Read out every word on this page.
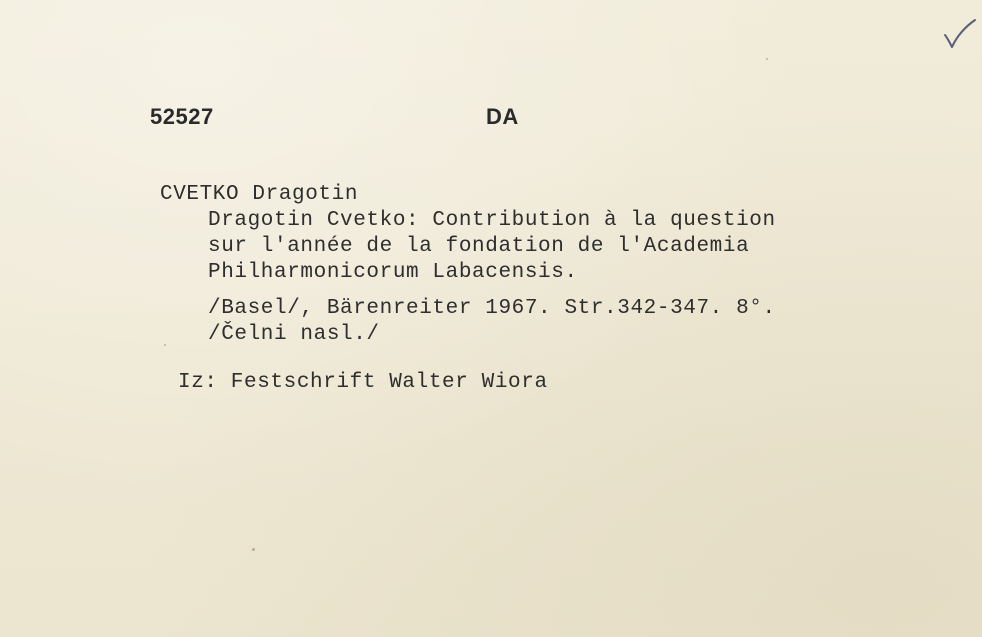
52527	DA
CVETKO Dragotin
Dragotin Cvetko: Contribution à la question
sur l'année de la fondation de l'Academia
Philharmonicorum Labacensis.
/Basel/, Bärenreiter 1967. Str.342-347. 8°.
/Čelni nasl./
Iz: Festschrift Walter Wiora
